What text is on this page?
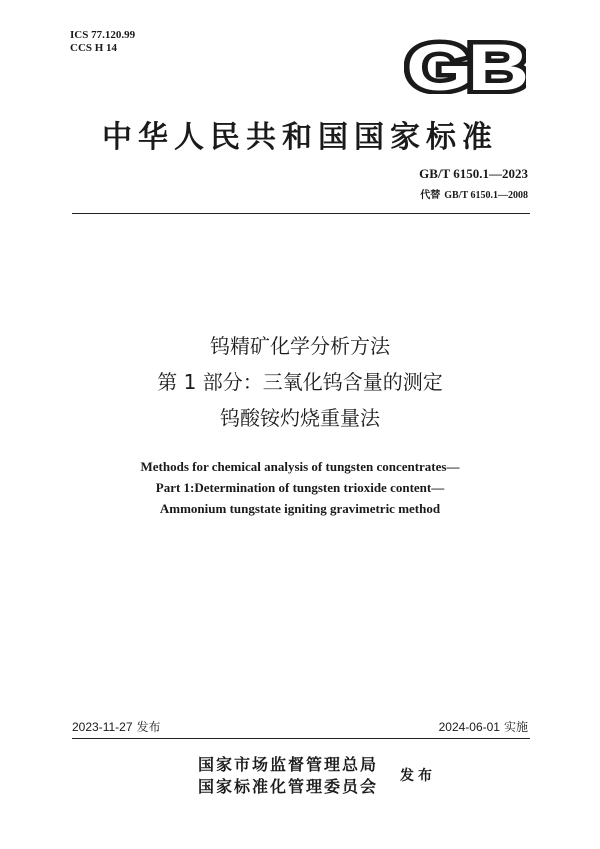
ICS 77.120.99
CCS H 14	GB
中华人民共和国国家标准
GB/T 6150.1—2023
代替 GB/T 6150.1—2008
钨精矿化学分析方法
第 1 部分：三氧化钨含量的测定
钨酸铵灼烧重量法
Methods for chemical analysis of tungsten concentrates—
Part 1:Determination of tungsten trioxide content—
Ammonium tungstate igniting gravimetric method
2023-11-27 发布	2024-06-01 实施
国家市场监督管理总局
国家标准化管理委员会
发布
